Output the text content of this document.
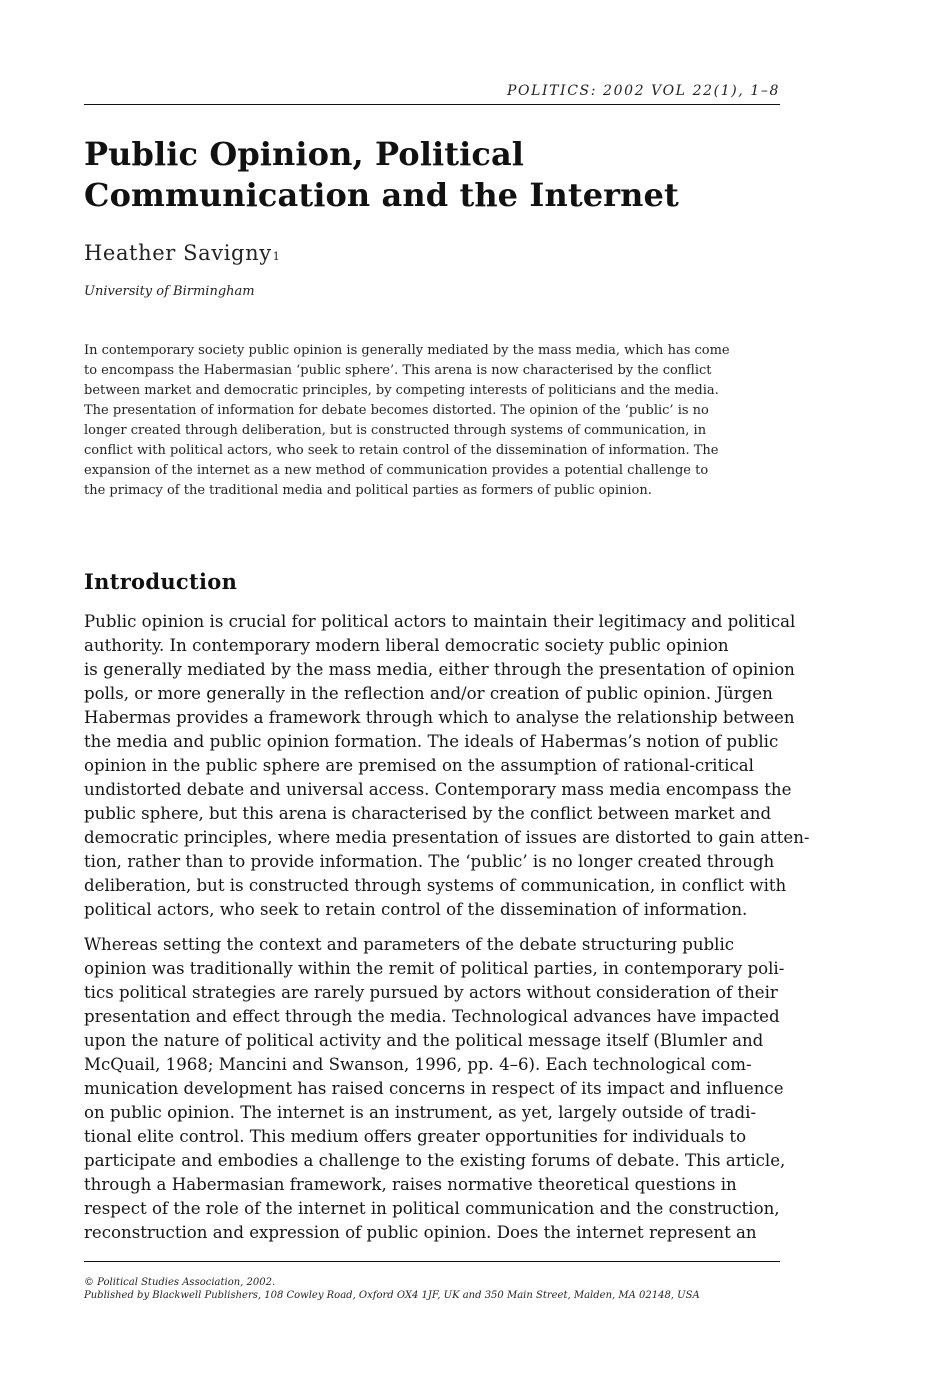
POLITICS: 2002 VOL 22(1), 1–8
Public Opinion, Political
Communication and the Internet
Heather Savigny1
University of Birmingham
In contemporary society public opinion is generally mediated by the mass media, which has come
to encompass the Habermasian ‘public sphere’. This arena is now characterised by the conflict
between market and democratic principles, by competing interests of politicians and the media.
The presentation of information for debate becomes distorted. The opinion of the ‘public’ is no
longer created through deliberation, but is constructed through systems of communication, in
conflict with political actors, who seek to retain control of the dissemination of information. The
expansion of the internet as a new method of communication provides a potential challenge to
the primacy of the traditional media and political parties as formers of public opinion.
Introduction
Public opinion is crucial for political actors to maintain their legitimacy and political
authority. In contemporary modern liberal democratic society public opinion
is generally mediated by the mass media, either through the presentation of opinion
polls, or more generally in the reflection and/or creation of public opinion. Jürgen
Habermas provides a framework through which to analyse the relationship between
the media and public opinion formation. The ideals of Habermas’s notion of public
opinion in the public sphere are premised on the assumption of rational-critical
undistorted debate and universal access. Contemporary mass media encompass the
public sphere, but this arena is characterised by the conflict between market and
democratic principles, where media presentation of issues are distorted to gain atten-
tion, rather than to provide information. The ‘public’ is no longer created through
deliberation, but is constructed through systems of communication, in conflict with
political actors, who seek to retain control of the dissemination of information.
Whereas setting the context and parameters of the debate structuring public
opinion was traditionally within the remit of political parties, in contemporary poli-
tics political strategies are rarely pursued by actors without consideration of their
presentation and effect through the media. Technological advances have impacted
upon the nature of political activity and the political message itself (Blumler and
McQuail, 1968; Mancini and Swanson, 1996, pp. 4–6). Each technological com-
munication development has raised concerns in respect of its impact and influence
on public opinion. The internet is an instrument, as yet, largely outside of tradi-
tional elite control. This medium offers greater opportunities for individuals to
participate and embodies a challenge to the existing forums of debate. This article,
through a Habermasian framework, raises normative theoretical questions in
respect of the role of the internet in political communication and the construction,
reconstruction and expression of public opinion. Does the internet represent an
© Political Studies Association, 2002.
Published by Blackwell Publishers, 108 Cowley Road, Oxford OX4 1JF, UK and 350 Main Street, Malden, MA 02148, USA
